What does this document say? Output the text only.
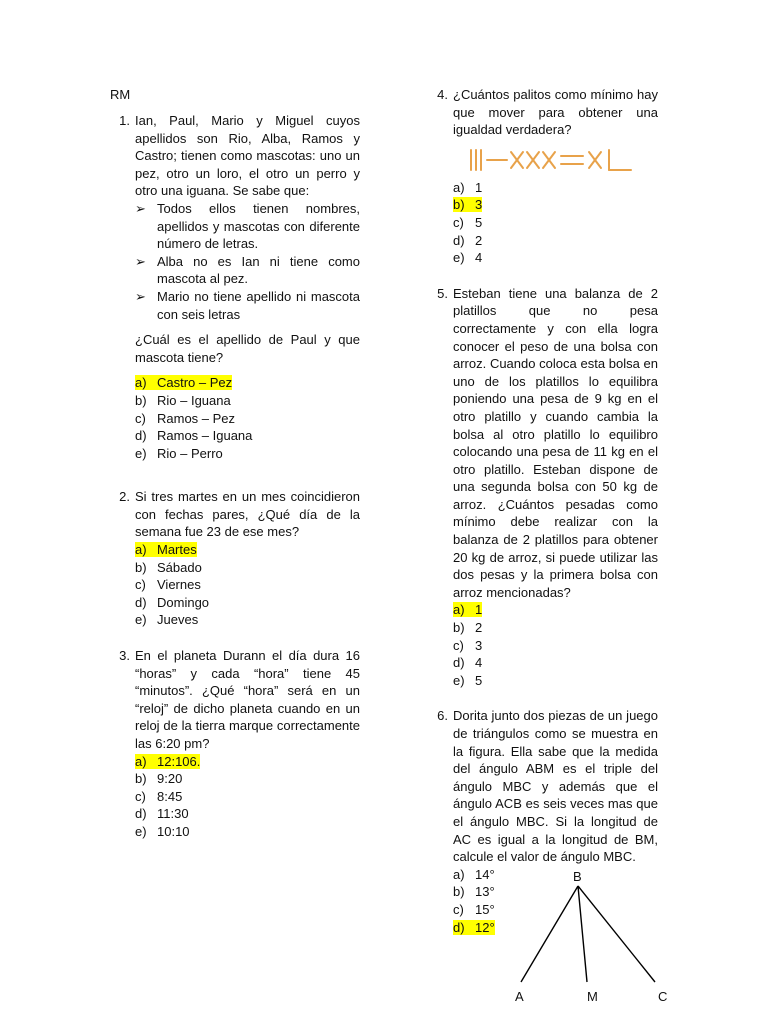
RM
1. Ian, Paul, Mario y Miguel cuyos apellidos son Rio, Alba, Ramos y Castro; tienen como mascotas: uno un pez, otro un loro, el otro un perro y otro una iguana. Se sabe que:
➢ Todos ellos tienen nombres, apellidos y mascotas con diferente número de letras.
➢ Alba no es Ian ni tiene como mascota al pez.
➢ Mario no tiene apellido ni mascota con seis letras
¿Cuál es el apellido de Paul y que mascota tiene?
a) Castro – Pez
b) Rio – Iguana
c) Ramos – Pez
d) Ramos – Iguana
e) Rio – Perro
2. Si tres martes en un mes coincidieron con fechas pares, ¿Qué día de la semana fue 23 de ese mes?
a) Martes
b) Sábado
c) Viernes
d) Domingo
e) Jueves
3. En el planeta Durann el día dura 16 “horas” y cada “hora” tiene 45 “minutos”. ¿Qué “hora” será en un “reloj” de dicho planeta cuando en un reloj de la tierra marque correctamente las 6:20 pm?
a) 12:106.
b) 9:20
c) 8:45
d) 11:30
e) 10:10
4. ¿Cuántos palitos como mínimo hay que mover para obtener una igualdad verdadera?
a) 1
b) 3
c) 5
d) 2
e) 4
5. Esteban tiene una balanza de 2 platillos que no pesa correctamente y con ella logra conocer el peso de una bolsa con arroz. Cuando coloca esta bolsa en uno de los platillos lo equilibra poniendo una pesa de 9 kg en el otro platillo y cuando cambia la bolsa al otro platillo lo equilibro colocando una pesa de 11 kg en el otro platillo. Esteban dispone de una segunda bolsa con 50 kg de arroz. ¿Cuántos pesadas como mínimo debe realizar con la balanza de 2 platillos para obtener 20 kg de arroz, si puede utilizar las dos pesas y la primera bolsa con arroz mencionadas?
a) 1
b) 2
c) 3
d) 4
e) 5
6. Dorita junto dos piezas de un juego de triángulos como se muestra en la figura. Ella sabe que la medida del ángulo ABM es el triple del ángulo MBC y además que el ángulo ACB es seis veces mas que el ángulo MBC. Si la longitud de AC es igual a la longitud de BM, calcule el valor de ángulo MBC.
a) 14°
b) 13°
c) 15°
d) 12°
B
A	M	C
